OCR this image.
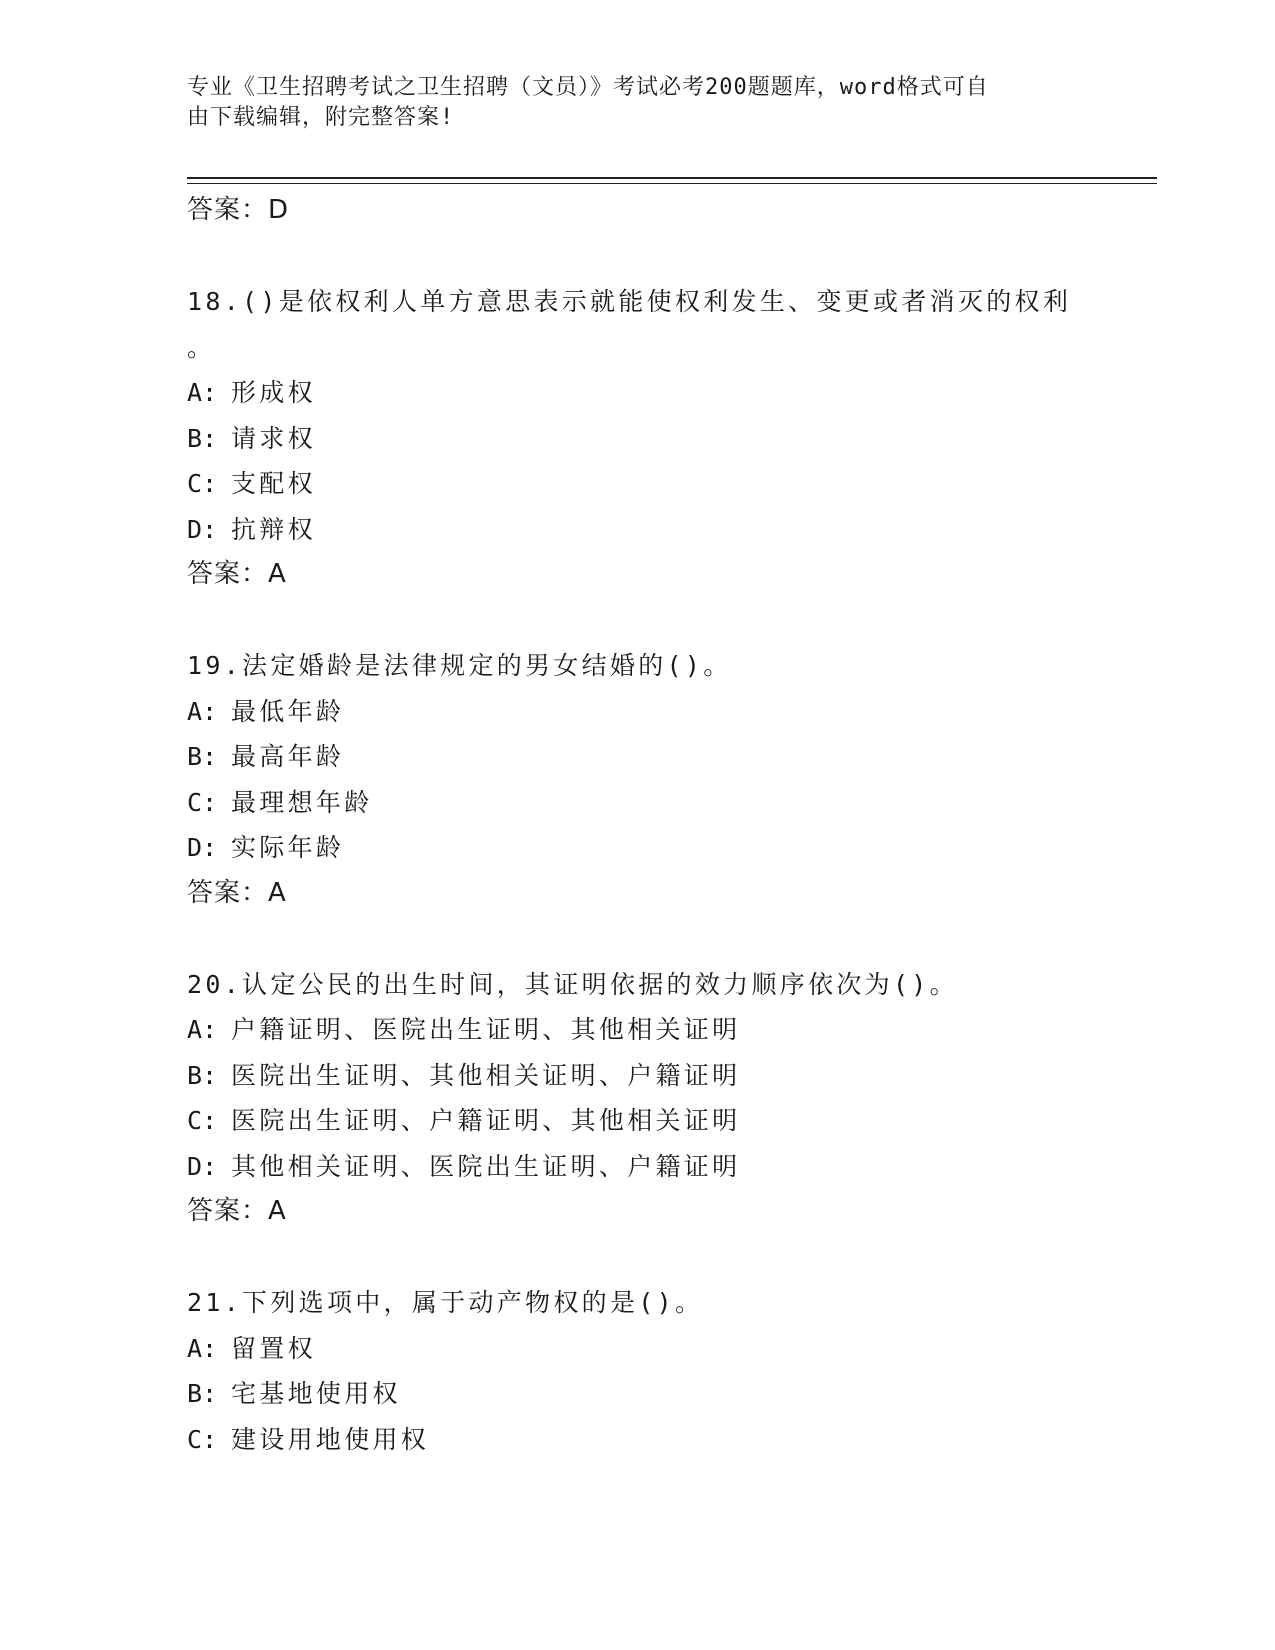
专业《卫生招聘考试之卫生招聘（文员）》考试必考200题题库，word格式可自
由下载编辑，附完整答案!
答案：D
18.()是依权利人单方意思表示就能使权利发生、变更或者消灭的权利
。
A: 形成权
B: 请求权
C: 支配权
D: 抗辩权
答案：A
19.法定婚龄是法律规定的男女结婚的()。
A: 最低年龄
B: 最高年龄
C: 最理想年龄
D: 实际年龄
答案：A
20.认定公民的出生时间，其证明依据的效力顺序依次为()。
A: 户籍证明、医院出生证明、其他相关证明
B: 医院出生证明、其他相关证明、户籍证明
C: 医院出生证明、户籍证明、其他相关证明
D: 其他相关证明、医院出生证明、户籍证明
答案：A
21.下列选项中，属于动产物权的是()。
A: 留置权
B: 宅基地使用权
C: 建设用地使用权
